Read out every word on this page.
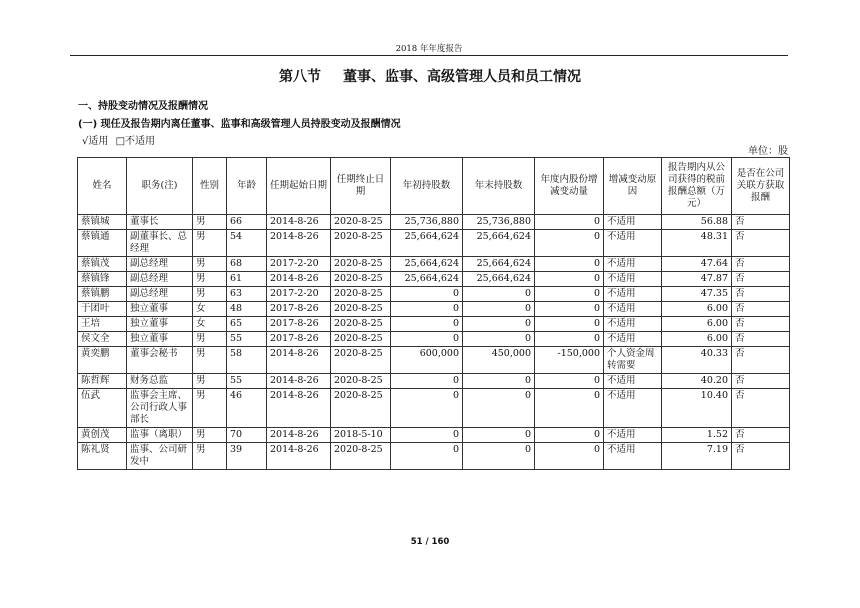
2018 年年度报告
第八节 董事、监事、高级管理人员和员工情况
一、持股变动情况及报酬情况
(一) 现任及报告期内离任董事、监事和高级管理人员持股变动及报酬情况
√适用 □不适用
单位：股
姓名	职务(注)	性别	年龄	任期起始日期	任期终止日期	年初持股数	年末持股数	年度内股份增减变动量	增减变动原因	报告期内从公司获得的税前报酬总额（万元）	是否在公司关联方获取报酬
蔡镇城	董事长	男	66	2014-8-26	2020-8-25	25,736,880	25,736,880	0	不适用	56.88	否
蔡镇通	副董事长、总经理	男	54	2014-8-26	2020-8-25	25,664,624	25,664,624	0	不适用	48.31	否
蔡镇茂	副总经理	男	68	2017-2-20	2020-8-25	25,664,624	25,664,624	0	不适用	47.64	否
蔡镇锋	副总经理	男	61	2014-8-26	2020-8-25	25,664,624	25,664,624	0	不适用	47.87	否
蔡镇鹏	副总经理	男	63	2017-2-20	2020-8-25	0	0	0	不适用	47.35	否
于团叶	独立董事	女	48	2017-8-26	2020-8-25	0	0	0	不适用	6.00	否
王培	独立董事	女	65	2017-8-26	2020-8-25	0	0	0	不适用	6.00	否
侯文全	独立董事	男	55	2017-8-26	2020-8-25	0	0	0	不适用	6.00	否
黄奕鹏	董事会秘书	男	58	2014-8-26	2020-8-25	600,000	450,000	-150,000	个人资金周转需要	40.33	否
陈哲辉	财务总监	男	55	2014-8-26	2020-8-25	0	0	0	不适用	40.20	否
伍武	监事会主席、公司行政人事部长	男	46	2014-8-26	2020-8-25	0	0	0	不适用	10.40	否
黄创茂	监事（离职）	男	70	2014-8-26	2018-5-10	0	0	0	不适用	1.52	否
陈礼贤	监事、公司研发中	男	39	2014-8-26	2020-8-25	0	0	0	不适用	7.19	否
51 / 160
